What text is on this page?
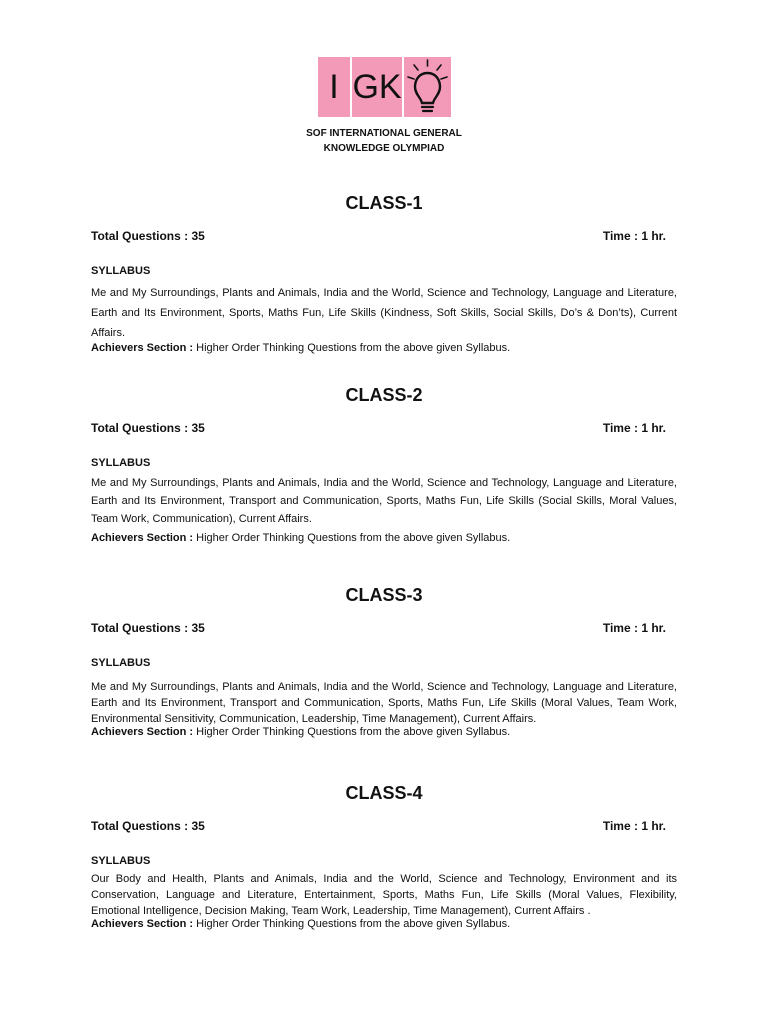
I GK
SOF INTERNATIONAL GENERAL
KNOWLEDGE OLYMPIAD
CLASS-1
Total Questions : 35	Time : 1 hr.
SYLLABUS
Me and My Surroundings, Plants and Animals, India and the World, Science and Technology, Language and Literature, Earth and Its Environment, Sports, Maths Fun, Life Skills (Kindness, Soft Skills, Social Skills, Do’s & Don’ts), Current Affairs.
Achievers Section : Higher Order Thinking Questions from the above given Syllabus.
CLASS-2
Total Questions : 35	Time : 1 hr.
SYLLABUS
Me and My Surroundings, Plants and Animals, India and the World, Science and Technology, Language and Literature, Earth and Its Environment, Transport and Communication, Sports, Maths Fun, Life Skills (Social Skills, Moral Values, Team Work, Communication), Current Affairs.
Achievers Section : Higher Order Thinking Questions from the above given Syllabus.
CLASS-3
Total Questions : 35	Time : 1 hr.
SYLLABUS
Me and My Surroundings, Plants and Animals, India and the World, Science and Technology, Language and Literature, Earth and Its Environment, Transport and Communication, Sports, Maths Fun, Life Skills (Moral Values, Team Work, Environmental Sensitivity, Communication, Leadership, Time Management), Current Affairs.
Achievers Section : Higher Order Thinking Questions from the above given Syllabus.
CLASS-4
Total Questions : 35	Time : 1 hr.
SYLLABUS
Our Body and Health, Plants and Animals, India and the World, Science and Technology, Environment and its Conservation, Language and Literature, Entertainment, Sports, Maths Fun, Life Skills (Moral Values, Flexibility, Emotional Intelligence, Decision Making, Team Work, Leadership, Time Management), Current Affairs .
Achievers Section : Higher Order Thinking Questions from the above given Syllabus.
